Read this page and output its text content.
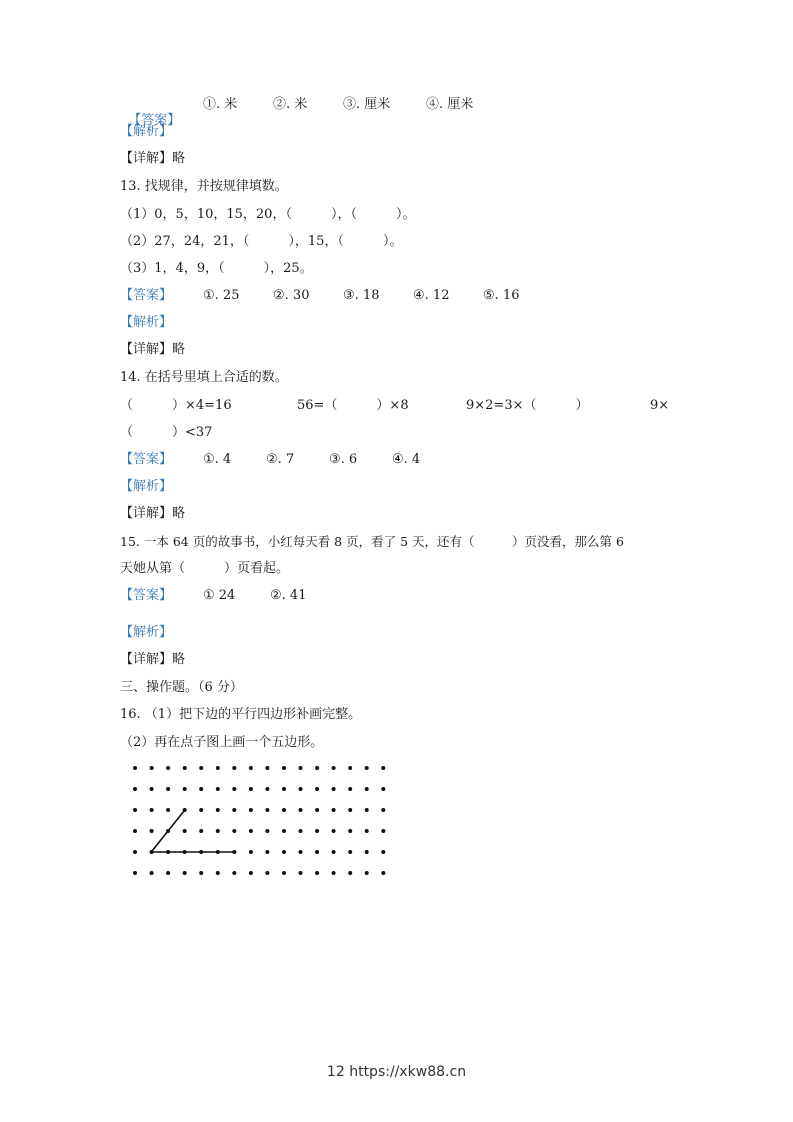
【答案】

①. 米	②. 米	③. 厘米	④. 厘米
【解析】
【详解】略
13. 找规律，并按规律填数。
（1）0，5，10，15，20，（　　　），（　　　）。
（2）27，24，21，（　　　），15，（　　　）。
（3）1，4，9，（　　　），25。
【答案】 ①. 25	②. 30	③. 18	④. 12	⑤. 16
【解析】
【详解】略
14. 在括号里填上合适的数。
（　　　）×4=16	56=（　　　）×8	9×2=3×（　　　）	9×
（　　　）<37
【答案】 ①. 4	②. 7	③. 6	④. 4
【解析】
【详解】略
15. 一本 64 页的故事书，小红每天看 8 页，看了 5 天，还有（　　　）页没看，那么第 6
天她从第（　　　）页看起。
【答案】 ① 24	②. 41
【解析】
【详解】略
三、操作题。（6 分）
16. （1）把下边的平行四边形补画完整。
（2）再在点子图上画一个五边形。
12 https://xkw88.cn
